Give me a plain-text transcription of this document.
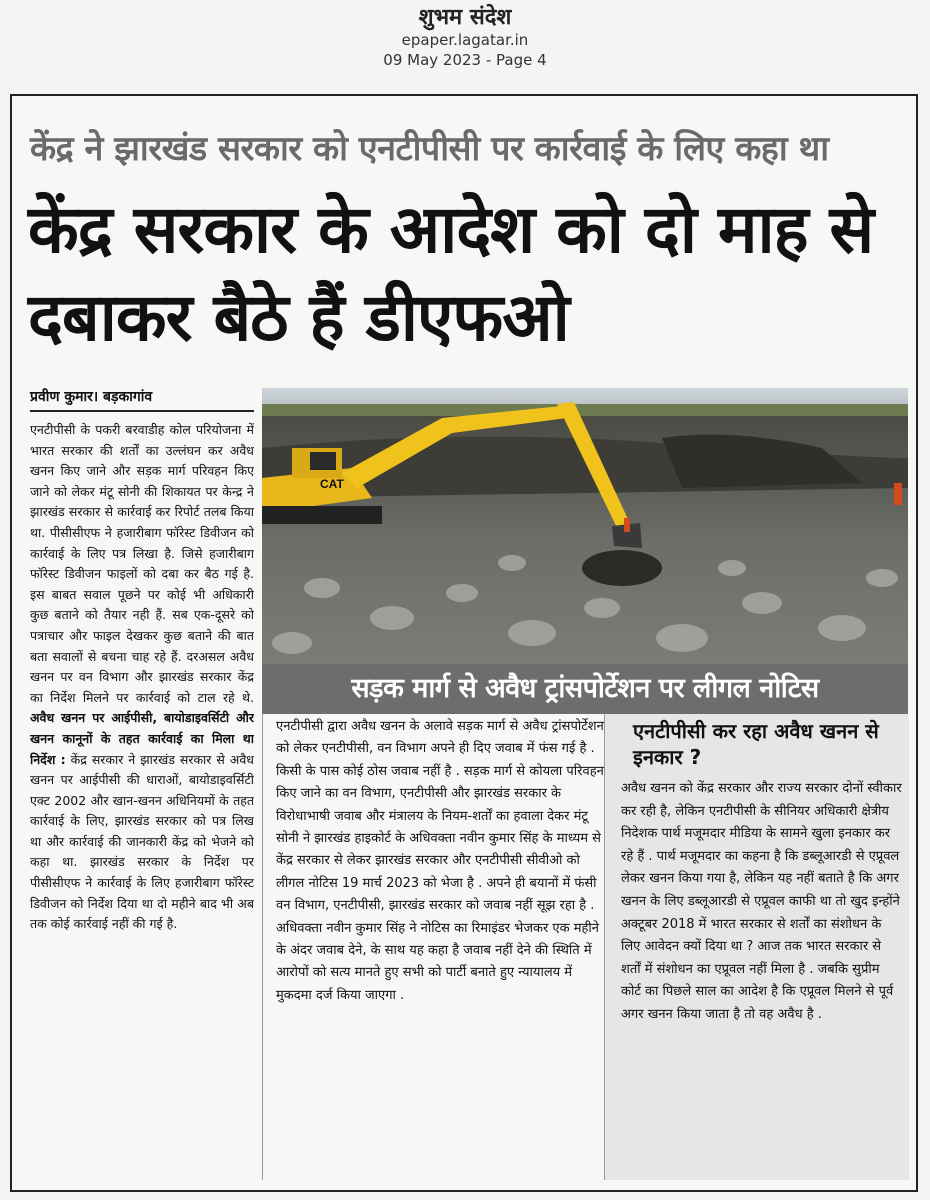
शुभम संदेश
epaper.lagatar.in
09 May 2023 - Page 4
केंद्र ने झारखंड सरकार को एनटीपीसी पर कार्रवाई के लिए कहा था
केंद्र सरकार के आदेश को दो माह से दबाकर बैठे हैं डीएफओ
प्रवीण कुमार। बड़कागांव

एनटीपीसी के पकरी बरवाडीह कोल परियोजना में भारत सरकार की शर्तों का उल्लंघन कर अवैध खनन किए जाने और सड़क मार्ग परिवहन किए जाने को लेकर मंटू सोनी की शिकायत पर केन्द्र ने झारखंड सरकार से कार्रवाई कर रिपोर्ट तलब किया था. पीसीसीएफ ने हजारीबाग फॉरेस्ट डिवीजन को कार्रवाई के लिए पत्र लिखा है. जिसे हजारीबाग फॉरेस्ट डिवीजन फाइलों को दबा कर बैठ गई है. इस बाबत सवाल पूछने पर कोई भी अधिकारी कुछ बताने को तैयार नही हैं. सब एक-दूसरे को पत्राचार और फाइल देखकर कुछ बताने की बात बता सवालों से बचना चाह रहे हैं. दरअसल अवैध खनन पर वन विभाग और झारखंड सरकार केंद्र का निर्देश मिलने पर कार्रवाई को टाल रहे थे. अवैध खनन पर आईपीसी, बायोडाइवर्सिटी और खनन कानूनों के तहत कार्रवाई का मिला था निर्देश : केंद्र सरकार ने झारखंड सरकार से अवैध खनन पर आईपीसी की धाराओं, बायोडाइवर्सिटी एक्ट 2002 और खान-खनन अधिनियमों के तहत कार्रवाई के लिए, झारखंड सरकार को पत्र लिख था और कार्रवाई की जानकारी केंद्र को भेजने को कहा था. झारखंड सरकार के निर्देश पर पीसीसीएफ ने कार्रवाई के लिए हजारीबाग फॉरेस्ट डिवीजन को निर्देश दिया था दो महीने बाद भी अब तक कोई कार्रवाई नहीं की गई है.

CAT
सड़क मार्ग से अवैध ट्रांसपोर्टेशन पर लीगल नोटिस

एनटीपीसी द्वारा अवैध खनन के अलावे सड़क मार्ग से अवैध ट्रांसपोर्टेशन को लेकर एनटीपीसी, वन विभाग अपने ही दिए जवाब में फंस गई है . किसी के पास कोई ठोस जवाब नहीं है . सड़क मार्ग से कोयला परिवहन किए जाने का वन विभाग, एनटीपीसी और झारखंड सरकार के विरोधाभाषी जवाब और मंत्रालय के नियम-शर्तों का हवाला देकर मंटू सोनी ने झारखंड हाइकोर्ट के अधिवक्ता नवीन कुमार सिंह के माध्यम से केंद्र सरकार से लेकर झारखंड सरकार और एनटीपीसी सीवीओ को लीगल नोटिस 19 मार्च 2023 को भेजा है . अपने ही बयानों में फंसी वन विभाग, एनटीपीसी, झारखंड सरकार को जवाब नहीं सूझ रहा है . अधिवक्ता नवीन कुमार सिंह ने नोटिस का रिमाइंडर भेजकर एक महीने के अंदर जवाब देने, के साथ यह कहा है जवाब नहीं देने की स्थिति में आरोपों को सत्य मानते हुए सभी को पार्टी बनाते हुए न्यायालय में मुकदमा दर्ज किया जाएगा .

एनटीपीसी कर रहा अवैध खनन से इनकार ?

अवैध खनन को केंद्र सरकार और राज्य सरकार दोनों स्वीकार कर रही है, लेकिन एनटीपीसी के सीनियर अधिकारी क्षेत्रीय निदेशक पार्थ मजूमदार मीडिया के सामने खुला इनकार कर रहे हैं . पार्थ मजूमदार का कहना है कि डब्लूआरडी से एप्रूवल लेकर खनन किया गया है, लेकिन यह नहीं बताते है कि अगर खनन के लिए डब्लूआरडी से एप्रूवल काफी था तो खुद इन्होंने अक्टूबर 2018 में भारत सरकार से शर्तों का संशोधन के लिए आवेदन क्यों दिया था ? आज तक भारत सरकार से शर्तों में संशोधन का एप्रूवल नहीं मिला है . जबकि सुप्रीम कोर्ट का पिछले साल का आदेश है कि एप्रूवल मिलने से पूर्व अगर खनन किया जाता है तो वह अवैध है .
